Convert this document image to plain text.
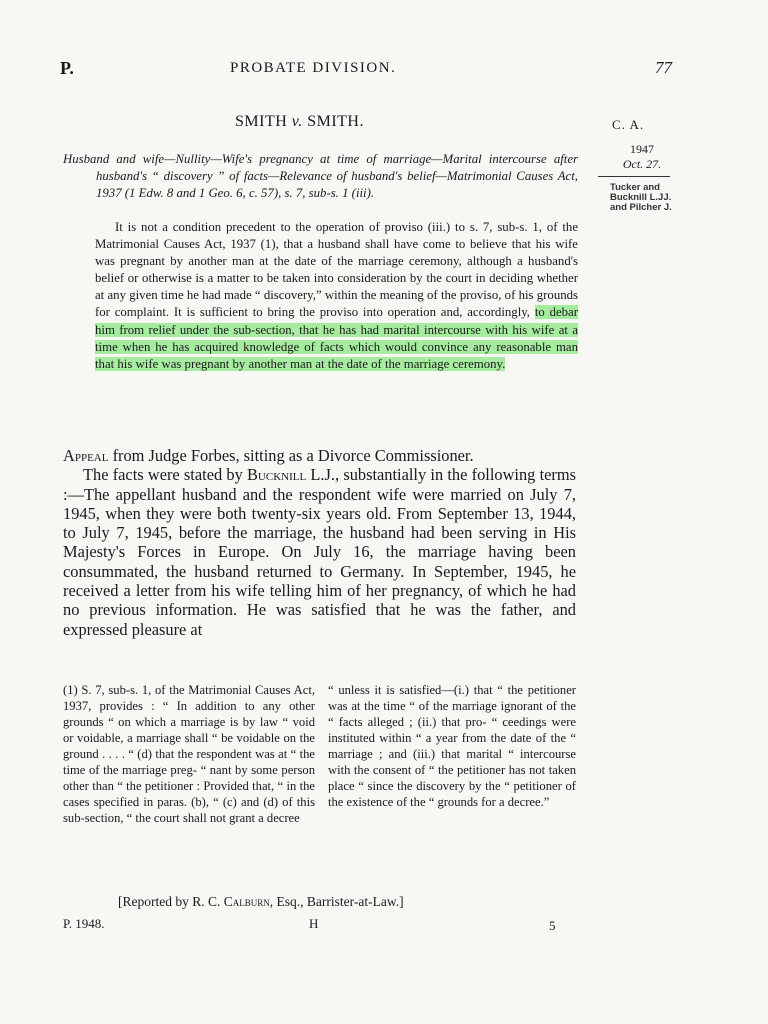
P.	PROBATE DIVISION.	77
SMITH v. SMITH.	C. A.
1947
Oct. 27.
Tucker and
Bucknill L.JJ.
and Pilcher J.
Husband and wife—Nullity—Wife's pregnancy at time of marriage—Marital intercourse after husband's “ discovery ” of facts—Relevance of husband's belief—Matrimonial Causes Act, 1937 (1 Edw. 8 and 1 Geo. 6, c. 57), s. 7, sub-s. 1 (iii).

It is not a condition precedent to the operation of proviso (iii.) to s. 7, sub-s. 1, of the Matrimonial Causes Act, 1937 (1), that a husband shall have come to believe that his wife was pregnant by another man at the date of the marriage ceremony, although a husband's belief or otherwise is a matter to be taken into consideration by the court in deciding whether at any given time he had made “ discovery,” within the meaning of the proviso, of his grounds for complaint. It is sufficient to bring the proviso into operation and, accordingly, to debar him from relief under the sub-section, that he has had marital intercourse with his wife at a time when he has acquired knowledge of facts which would convince any reasonable man that his wife was pregnant by another man at the date of the marriage ceremony.

Appeal from Judge Forbes, sitting as a Divorce Commissioner.

The facts were stated by Bucknill L.J., substantially in the following terms :—The appellant husband and the respondent wife were married on July 7, 1945, when they were both twenty-six years old. From September 13, 1944, to July 7, 1945, before the marriage, the husband had been serving in His Majesty's Forces in Europe. On July 16, the marriage having been consummated, the husband returned to Germany. In September, 1945, he received a letter from his wife telling him of her pregnancy, of which he had no previous information. He was satisfied that he was the father, and expressed pleasure at

(1) S. 7, sub-s. 1, of the Matrimonial Causes Act, 1937, provides : “ In addition to any other grounds “ on which a marriage is by law “ void or voidable, a marriage shall “ be voidable on the ground . . . . “ (d) that the respondent was at “ the time of the marriage preg- “ nant by some person other than “ the petitioner : Provided that, “ in the cases specified in paras. (b), “ (c) and (d) of this sub-section, “ the court shall not grant a decree
“ unless it is satisfied—(i.) that “ the petitioner was at the time “ of the marriage ignorant of the “ facts alleged ; (ii.) that pro- “ ceedings were instituted within “ a year from the date of the “ marriage ; and (iii.) that marital “ intercourse with the consent of “ the petitioner has not taken place “ since the discovery by the “ petitioner of the existence of the “ grounds for a decree.”
[Reported by R. C. Calburn, Esq., Barrister-at-Law.]
P. 1948.	H	5
